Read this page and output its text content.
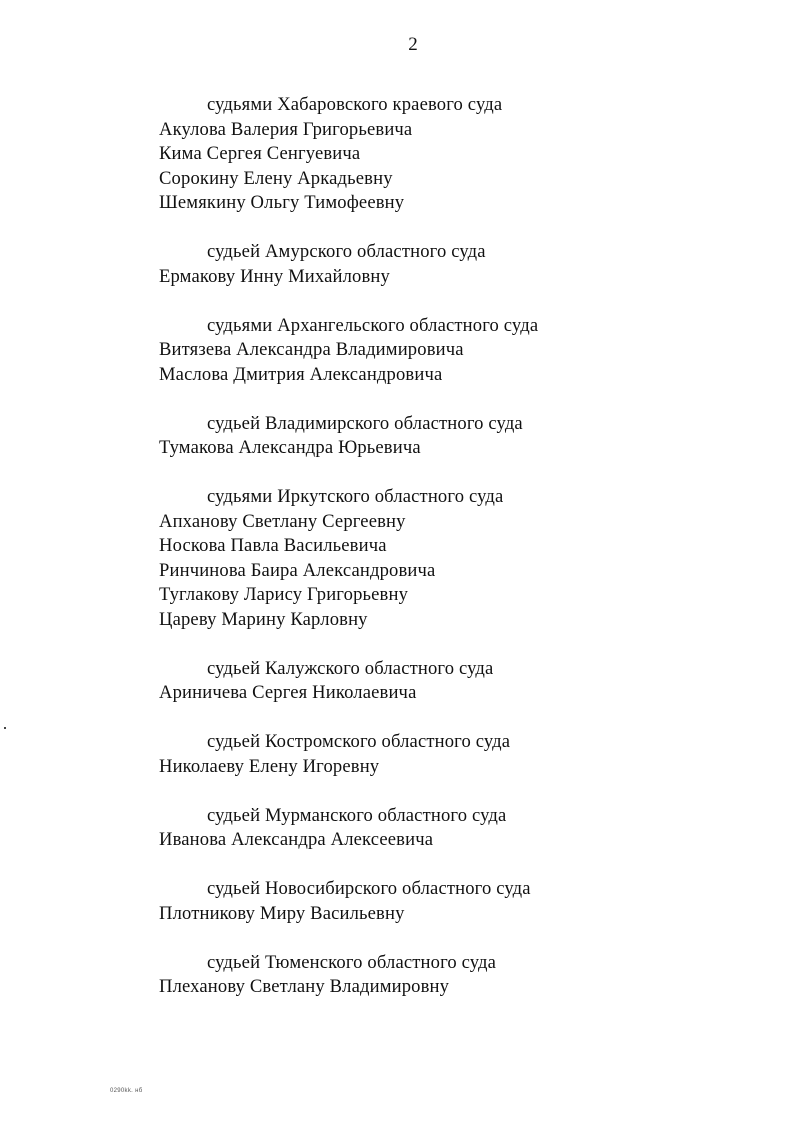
2
судьями Хабаровского краевого суда
Акулова Валерия Григорьевича
Кима Сергея Сенгуевича
Сорокину Елену Аркадьевну
Шемякину Ольгу Тимофеевну
судьей Амурского областного суда
Ермакову Инну Михайловну
судьями Архангельского областного суда
Витязева Александра Владимировича
Маслова Дмитрия Александровича
судьей Владимирского областного суда
Тумакова Александра Юрьевича
судьями Иркутского областного суда
Апханову Светлану Сергеевну
Носкова Павла Васильевича
Ринчинова Баира Александровича
Туглакову Ларису Григорьевну
Цареву Марину Карловну
судьей Калужского областного суда
Ариничева Сергея Николаевича
судьей Костромского областного суда
Николаеву Елену Игоревну
судьей Мурманского областного суда
Иванова Александра Алексеевича
судьей Новосибирского областного суда
Плотникову Миру Васильевну
судьей Тюменского областного суда
Плеханову Светлану Владимировну
0290kk. нб
